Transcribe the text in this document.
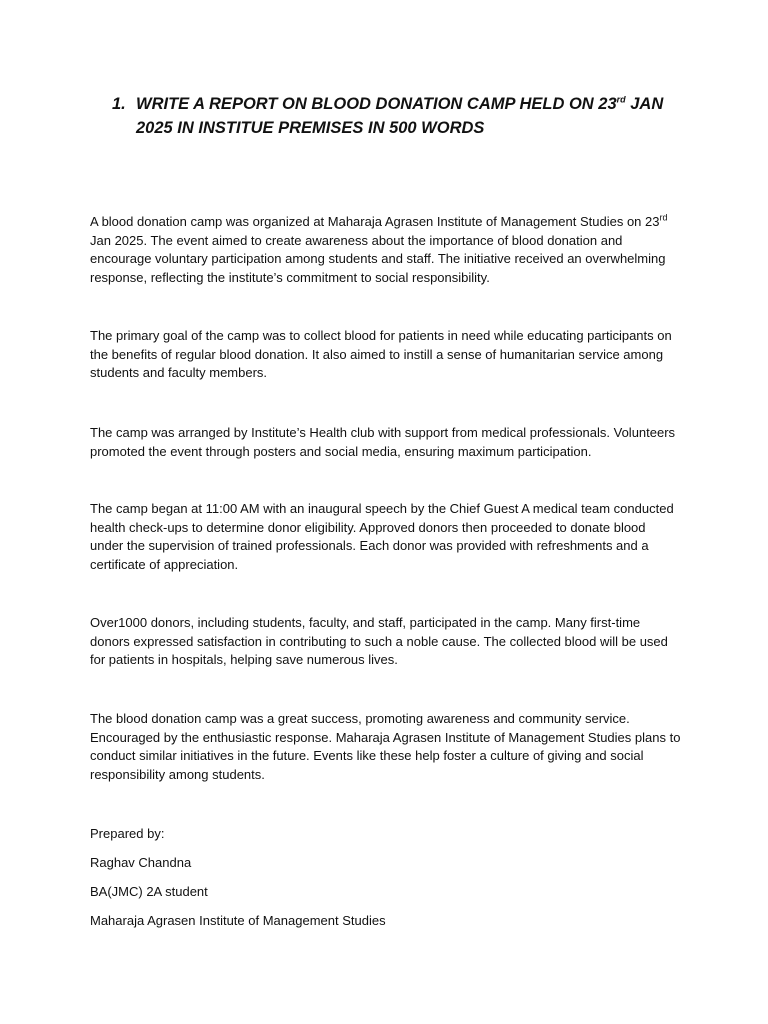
1. WRITE A REPORT ON BLOOD DONATION CAMP HELD ON 23rd JAN 2025 IN INSTITUE PREMISES IN 500 WORDS

A blood donation camp was organized at Maharaja Agrasen Institute of Management Studies on 23rd Jan 2025. The event aimed to create awareness about the importance of blood donation and encourage voluntary participation among students and staff. The initiative received an overwhelming response, reflecting the institute’s commitment to social responsibility.

The primary goal of the camp was to collect blood for patients in need while educating participants on the benefits of regular blood donation. It also aimed to instill a sense of humanitarian service among students and faculty members.

The camp was arranged by Institute’s Health club with support from medical professionals. Volunteers promoted the event through posters and social media, ensuring maximum participation.

The camp began at 11:00 AM with an inaugural speech by the Chief Guest A medical team conducted health check-ups to determine donor eligibility. Approved donors then proceeded to donate blood under the supervision of trained professionals. Each donor was provided with refreshments and a certificate of appreciation.

Over1000 donors, including students, faculty, and staff, participated in the camp. Many first-time donors expressed satisfaction in contributing to such a noble cause. The collected blood will be used for patients in hospitals, helping save numerous lives.

The blood donation camp was a great success, promoting awareness and community service. Encouraged by the enthusiastic response. Maharaja Agrasen Institute of Management Studies plans to conduct similar initiatives in the future. Events like these help foster a culture of giving and social responsibility among students.

Prepared by:

Raghav Chandna

BA(JMC) 2A student

Maharaja Agrasen Institute of Management Studies
